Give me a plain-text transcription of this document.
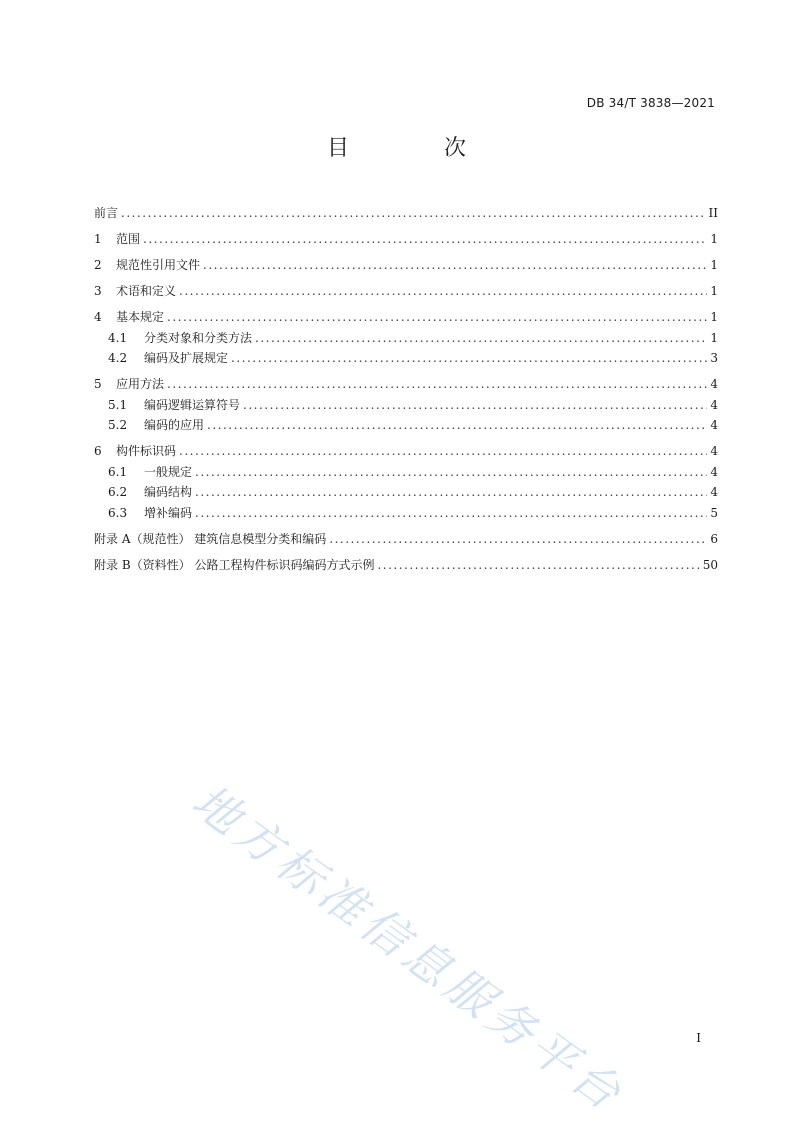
DB 34/T 3838—2021
目 次
前言 .....	II
1	范围 .....	1
2	规范性引用文件 .....	1
3	术语和定义 .....	1
4	基本规定 .....	1
4.1	分类对象和分类方法 .....	1
4.2	编码及扩展规定 .....	3
5	应用方法 .....	4
5.1	编码逻辑运算符号 .....	4
5.2	编码的应用 .....	4
6	构件标识码 .....	4
6.1	一般规定 .....	4
6.2	编码结构 .....	4
6.3	增补编码 .....	5
附录 A（规范性） 建筑信息模型分类和编码 .....	6
附录 B（资料性） 公路工程构件标识码编码方式示例 .....	50
地方标准信息服务平台	I
